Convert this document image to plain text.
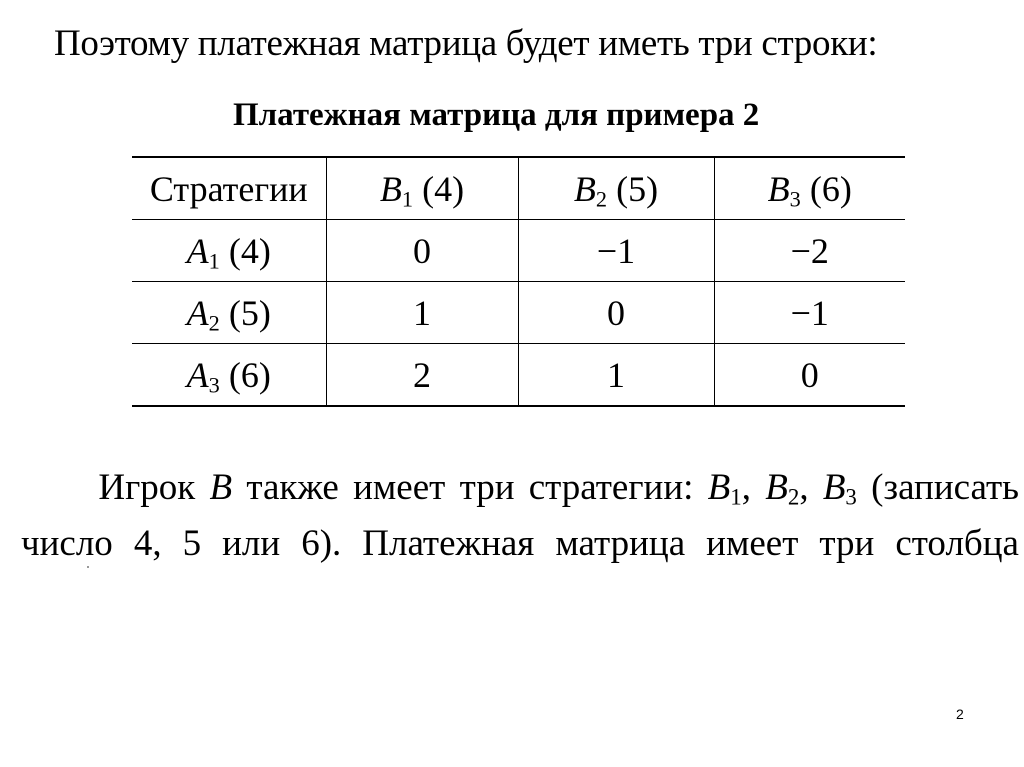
Поэтому платежная матрица будет иметь три строки:
Платежная матрица для примера 2
Стратегии	$B_1$ (4)	$B_2$ (5)	$B_3$ (6)
$A_1$ (4)	0	−1	−2
$A_2$ (5)	1	0	−1
$A_3$ (6)	2	1	0
Игрок B также имеет три стратегии: $B_1$, $B_2$, $B_3$ (записать
число 4, 5 или 6). Платежная матрица имеет три столбца
2
